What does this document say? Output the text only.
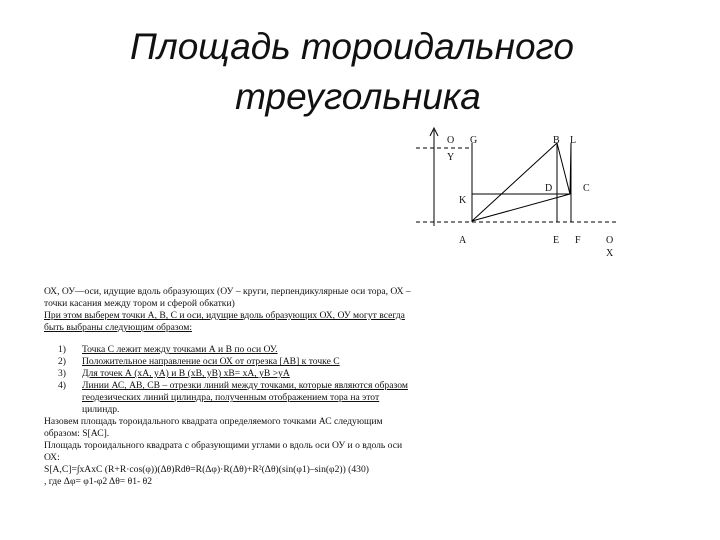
Площадь тороидального
треугольника
O G	B L
Y
D	C
K
A	E F	O
X
ОХ, ОУ—оси, идущие вдоль образующих (ОУ – круги, перпендикулярные оси тора, ОХ –
точки касания между тором и сферой обкатки)
При этом выберем точки А, В, С и оси, идущие вдоль образующих ОХ, ОУ могут всегда
быть выбраны следующим образом:
1) Точка С лежит между точками А и В по оси ОУ.
2) Положительное направление оси ОХ от отрезка [АВ] к точке С
3) Для точек А (хА, уА) и В (хВ, уВ) хВ= хА, уВ >уА
4) Линии АС, АВ, СВ – отрезки линий между точками, которые являются образом
геодезических линий цилиндра, полученным отображением тора на этот
цилиндр.
Назовем площадь тороидального квадрата определяемого точками АС следующим
образом: S[АС].
Площадь тороидального квадрата с образующими углами о вдоль оси ОУ и о вдоль оси
ОХ:
S[A,C]=∫xAxC (R+R·cos(φ))(Δθ)Rdθ=R(Δφ)·R(Δθ)+R²(Δθ)(sin(φ1)–sin(φ2)) (430)
, где Δφ= φ1-φ2 Δθ= θ1- θ2
